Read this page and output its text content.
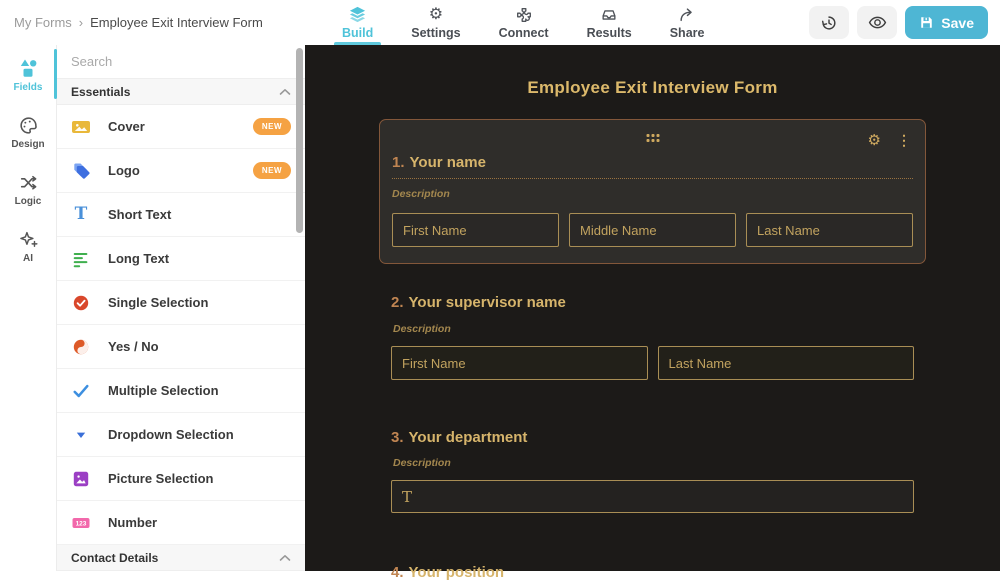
My Forms › Employee Exit Interview Form
Build
⚙
Settings	Connect	Results	Share
Save
Fields
Design
Logic
AI
Search
Essentials
Cover	NEW
Logo	NEW
T Short Text
Long Text
Single Selection
Yes / No
Multiple Selection
Dropdown Selection
Picture Selection
123 Number
Contact Details
Employee Exit Interview Form
⚙ ⋮
1. Your name
Description
First Name	Middle Name	Last Name
2. Your supervisor name
Description
First Name	Last Name
3. Your department
Description
T
4. Your position
